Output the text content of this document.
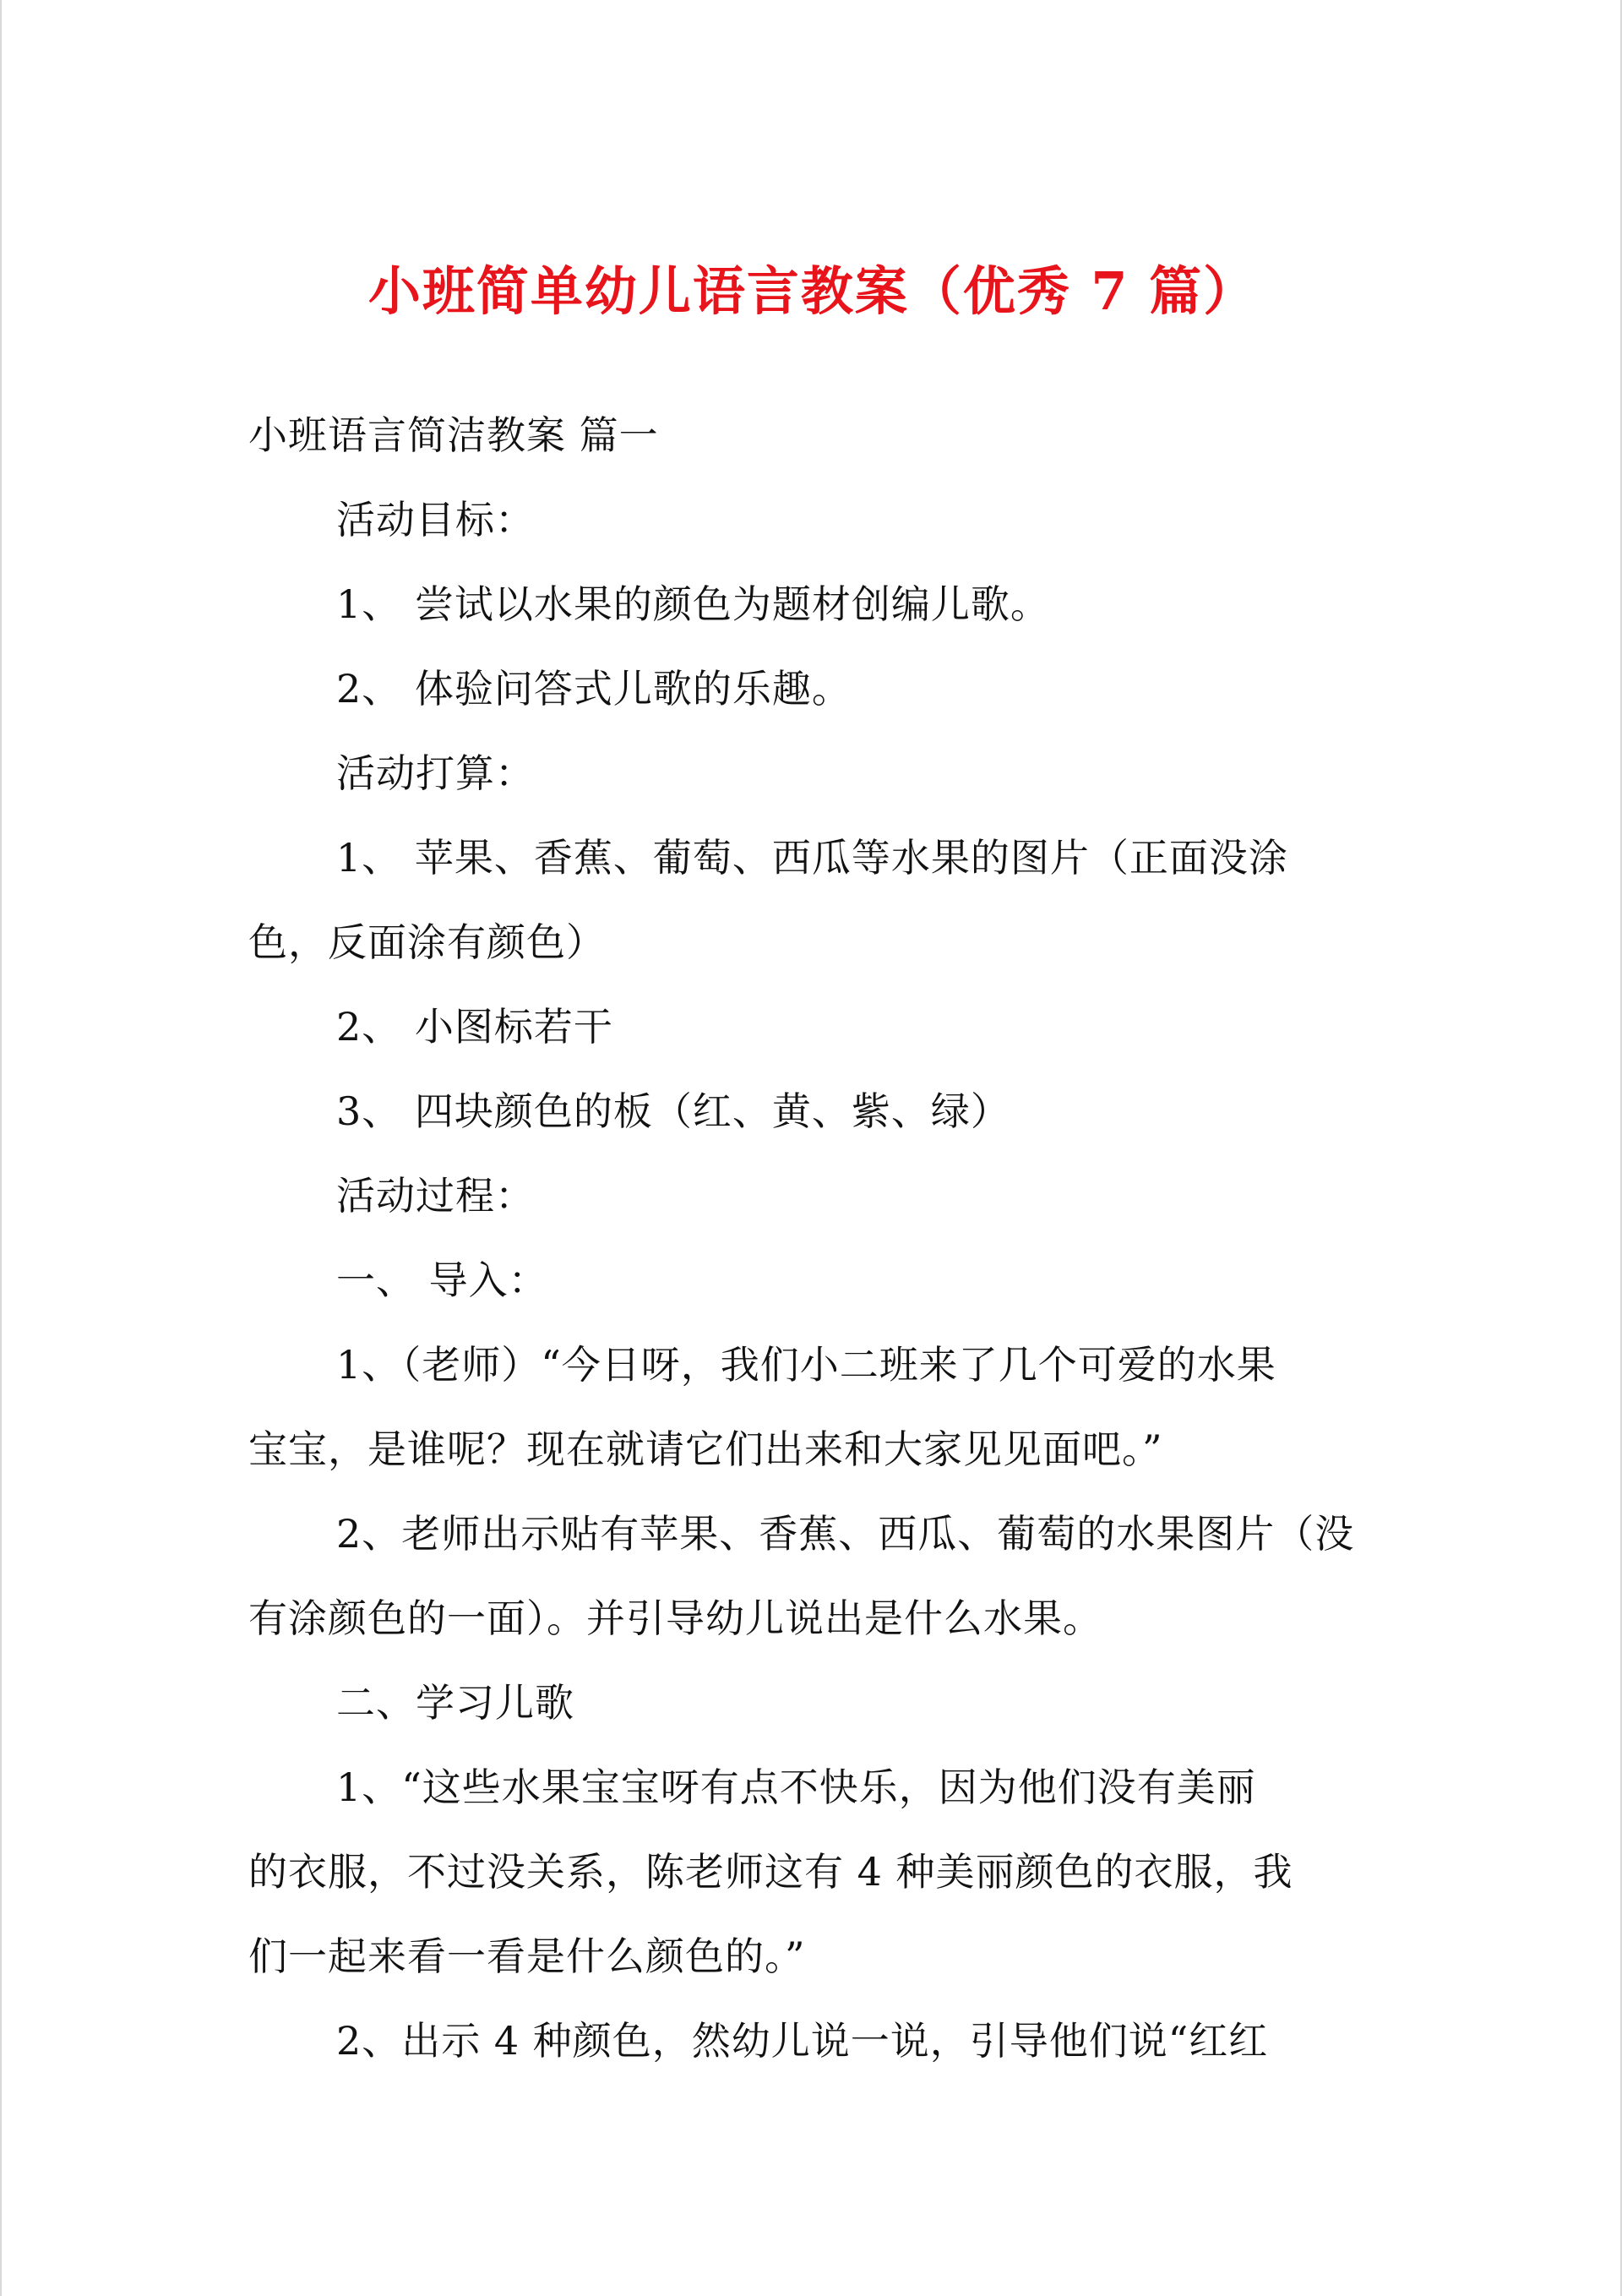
小班简单幼儿语言教案（优秀 7 篇）
小班语言简洁教案 篇一
活动目标：
1、 尝试以水果的颜色为题材创编儿歌。
2、 体验问答式儿歌的乐趣。
活动打算：
1、 苹果、香蕉、葡萄、西瓜等水果的图片（正面没涂
色，反面涂有颜色）
2、 小图标若干
3、 四块颜色的板（红、黄、紫、绿）
活动过程：
一、 导入：
1、（老师）“今日呀，我们小二班来了几个可爱的水果
宝宝，是谁呢？现在就请它们出来和大家见见面吧。”
2、老师出示贴有苹果、香蕉、西瓜、葡萄的水果图片（没
有涂颜色的一面）。并引导幼儿说出是什么水果。
二、学习儿歌
1、“这些水果宝宝呀有点不快乐，因为他们没有美丽
的衣服，不过没关系，陈老师这有 4 种美丽颜色的衣服，我
们一起来看一看是什么颜色的。”
2、出示 4 种颜色，然幼儿说一说，引导他们说“红红
